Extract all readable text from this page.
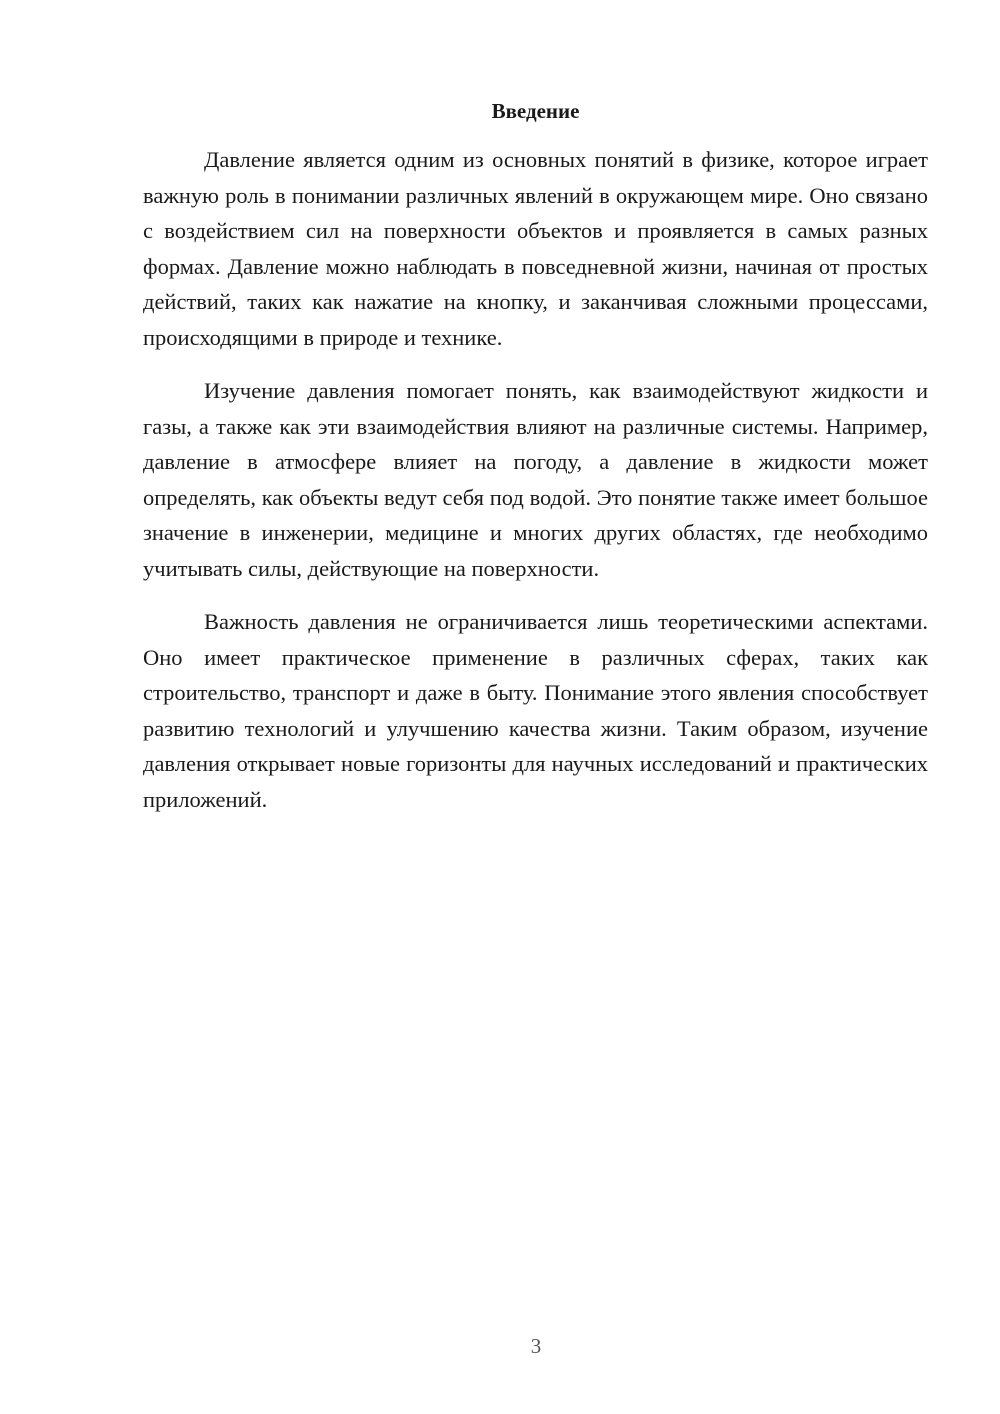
Введение

Давление является одним из основных понятий в физике, которое играет важную роль в понимании различных явлений в окружающем мире. Оно связано с воздействием сил на поверхности объектов и проявляется в самых разных формах. Давление можно наблюдать в повседневной жизни, начиная от простых действий, таких как нажатие на кнопку, и заканчивая сложными процессами, происходящими в природе и технике.

Изучение давления помогает понять, как взаимодействуют жидкости и газы, а также как эти взаимодействия влияют на различные системы. Например, давление в атмосфере влияет на погоду, а давление в жидкости может определять, как объекты ведут себя под водой. Это понятие также имеет большое значение в инженерии, медицине и многих других областях, где необходимо учитывать силы, действующие на поверхности.

Важность давления не ограничивается лишь теоретическими аспектами. Оно имеет практическое применение в различных сферах, таких как строительство, транспорт и даже в быту. Понимание этого явления способствует развитию технологий и улучшению качества жизни. Таким образом, изучение давления открывает новые горизонты для научных исследований и практических приложений.

3
